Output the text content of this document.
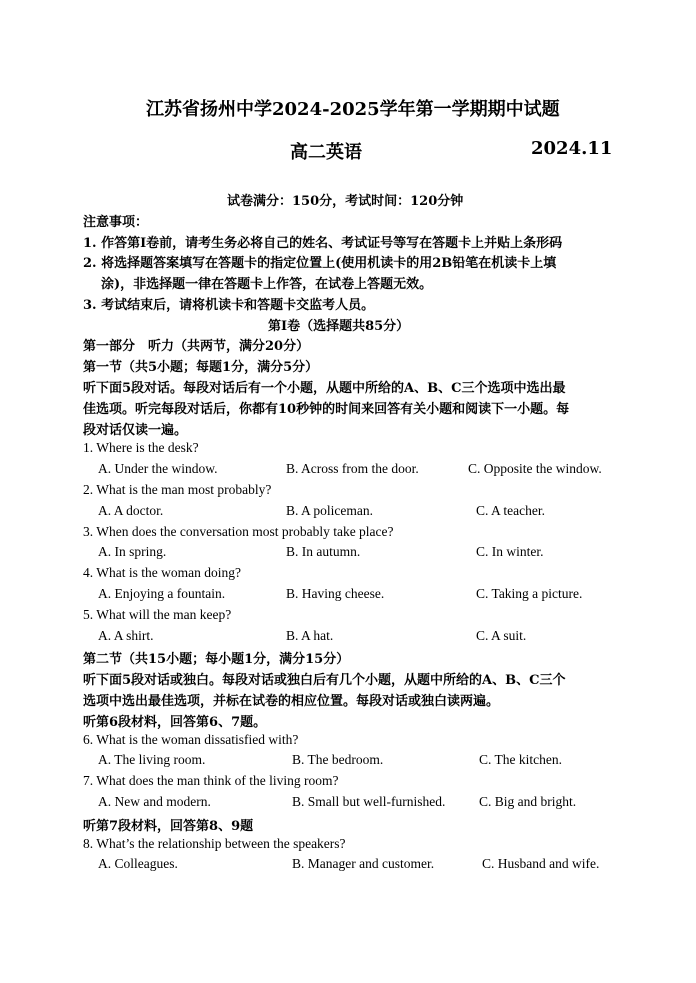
江苏省扬州中学2024-2025学年第一学期期中试题
高二英语	2024.11
试卷满分：150分，考试时间：120分钟
注意事项：
1. 作答第Ⅰ卷前，请考生务必将自己的姓名、考试证号等写在答题卡上并贴上条形码
2. 将选择题答案填写在答题卡的指定位置上(使用机读卡的用2B铅笔在机读卡上填
涂)，非选择题一律在答题卡上作答，在试卷上答题无效。
3. 考试结束后，请将机读卡和答题卡交监考人员。
第Ⅰ卷（选择题共85分）
第一部分　听力（共两节，满分20分）
第一节（共5小题；每题1分，满分5分）
听下面5段对话。每段对话后有一个小题，从题中所给的A、B、C三个选项中选出最
佳选项。听完每段对话后，你都有10秒钟的时间来回答有关小题和阅读下一小题。每
段对话仅读一遍。
1. Where is the desk?
A. Under the window.	B. Across from the door.	C. Opposite the window.
2. What is the man most probably?
A. A doctor.	B. A policeman.	C. A teacher.
3. When does the conversation most probably take place?
A. In spring.	B. In autumn.	C. In winter.
4. What is the woman doing?
A. Enjoying a fountain.	B. Having cheese.	C. Taking a picture.
5. What will the man keep?
A. A shirt.	B. A hat.	C. A suit.
第二节（共15小题；每小题1分，满分15分）
听下面5段对话或独白。每段对话或独白后有几个小题，从题中所给的A、B、C三个
选项中选出最佳选项，并标在试卷的相应位置。每段对话或独白读两遍。
听第6段材料，回答第6、7题。
6. What is the woman dissatisfied with?
A. The living room.	B. The bedroom.	C. The kitchen.
7. What does the man think of the living room?
A. New and modern.	B. Small but well-furnished. C. Big and bright.
听第7段材料，回答第8、9题
8. What’s the relationship between the speakers?
A. Colleagues.	B. Manager and customer.	C. Husband and wife.
